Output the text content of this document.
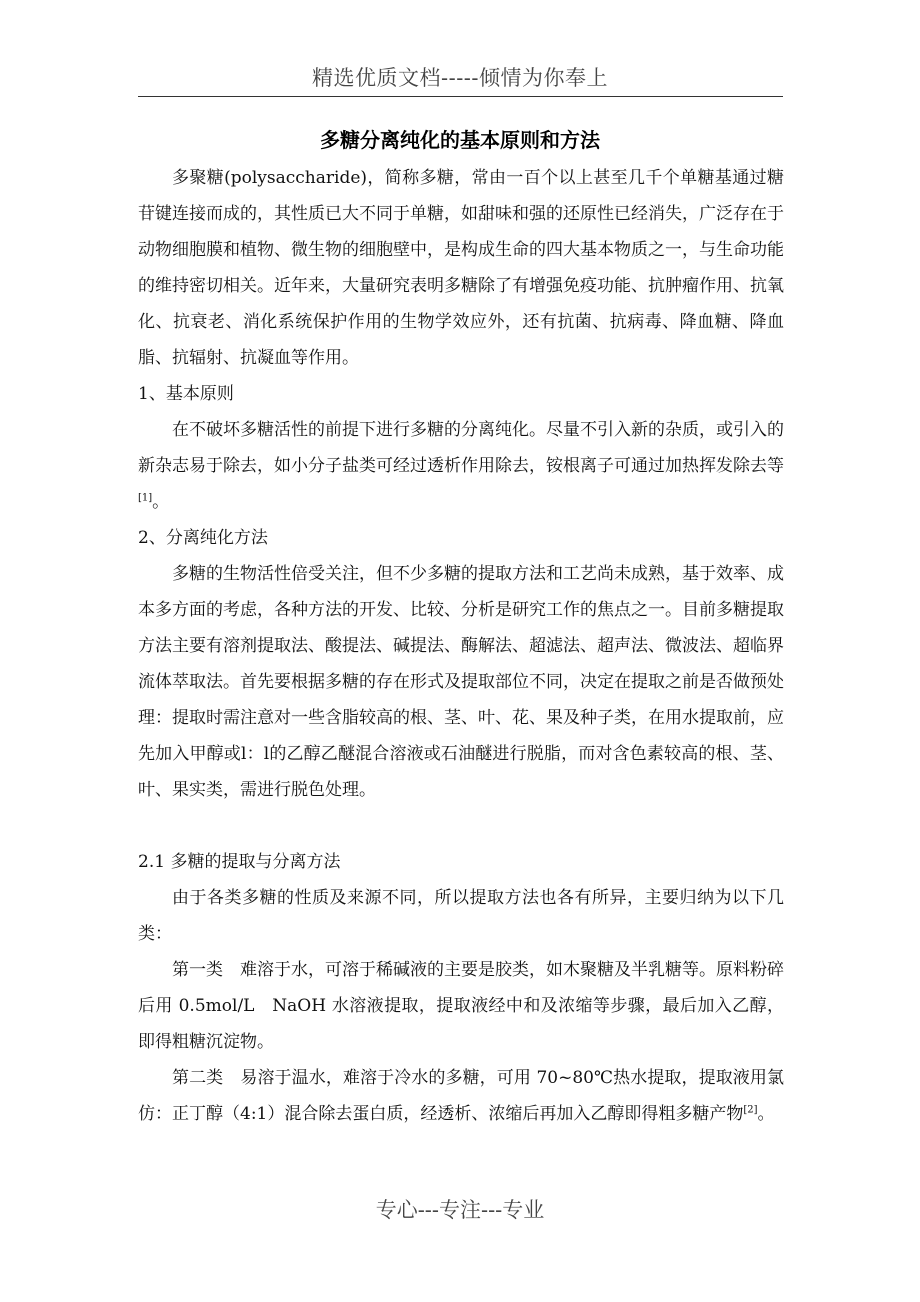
精选优质文档-----倾情为你奉上
多糖分离纯化的基本原则和方法

多聚糖(polysaccharide)，简称多糖，常由一百个以上甚至几千个单糖基通过糖苷键连接而成的，其性质已大不同于单糖，如甜味和强的还原性已经消失，广泛存在于动物细胞膜和植物、微生物的细胞壁中，是构成生命的四大基本物质之一，与生命功能的维持密切相关。近年来，大量研究表明多糖除了有增强免疫功能、抗肿瘤作用、抗氧化、抗衰老、消化系统保护作用的生物学效应外，还有抗菌、抗病毒、降血糖、降血脂、抗辐射、抗凝血等作用。

1、基本原则

在不破坏多糖活性的前提下进行多糖的分离纯化。尽量不引入新的杂质，或引入的新杂志易于除去，如小分子盐类可经过透析作用除去，铵根离子可通过加热挥发除去等[1]。

2、分离纯化方法

多糖的生物活性倍受关注，但不少多糖的提取方法和工艺尚未成熟，基于效率、成本多方面的考虑，各种方法的开发、比较、分析是研究工作的焦点之一。目前多糖提取方法主要有溶剂提取法、酸提法、碱提法、酶解法、超滤法、超声法、微波法、超临界流体萃取法。首先要根据多糖的存在形式及提取部位不同，决定在提取之前是否做预处理：提取时需注意对一些含脂较高的根、茎、叶、花、果及种子类，在用水提取前，应先加入甲醇或l：l的乙醇乙醚混合溶液或石油醚进行脱脂，而对含色素较高的根、茎、叶、果实类，需进行脱色处理。

2.1 多糖的提取与分离方法

由于各类多糖的性质及来源不同，所以提取方法也各有所异，主要归纳为以下几类：

第一类　难溶于水，可溶于稀碱液的主要是胶类，如木聚糖及半乳糖等。原料粉碎后用 0.5mol/L　NaOH 水溶液提取，提取液经中和及浓缩等步骤，最后加入乙醇，即得粗糖沉淀物。

第二类　易溶于温水，难溶于冷水的多糖，可用 70~80℃热水提取，提取液用氯仿：正丁醇（4:1）混合除去蛋白质，经透析、浓缩后再加入乙醇即得粗多糖产物[2]。

专心---专注---专业
